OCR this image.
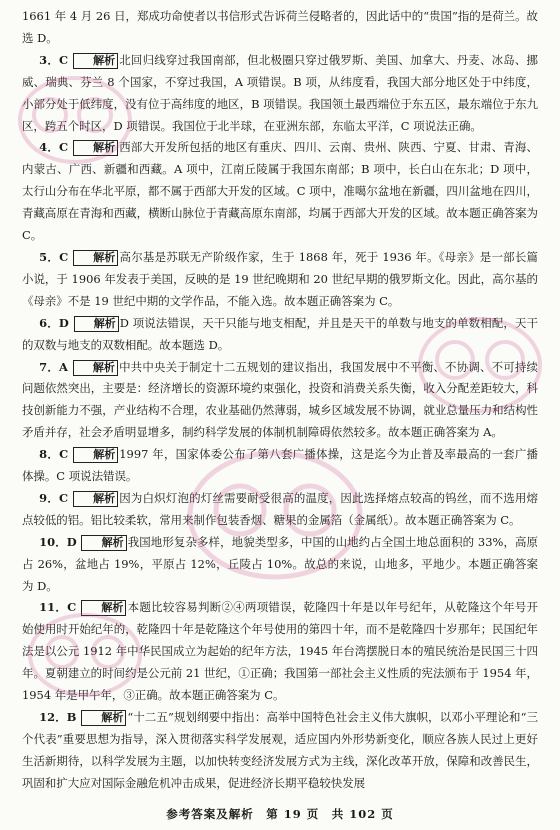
1661 年 4 月 26 日，郑成功命使者以书信形式告诉荷兰侵略者的，因此话中的“贵国”指的是荷兰。故选 D。

3．C 解析 北回归线穿过我国南部，但北极圈只穿过俄罗斯、美国、加拿大、丹麦、冰岛、挪威、瑞典、芬兰 8 个国家，不穿过我国，A 项错误。B 项，从纬度看，我国大部分地区处于中纬度，小部分处于低纬度，没有位于高纬度的地区，B 项错误。我国领土最西端位于东五区，最东端位于东九区，跨五个时区，D 项错误。我国位于北半球，在亚洲东部，东临太平洋，C 项说法正确。

4．C 解析 西部大开发所包括的地区有重庆、四川、云南、贵州、陕西、宁夏、甘肃、青海、内蒙古、广西、新疆和西藏。A 项中，江南丘陵属于我国东南部；B 项中，长白山在东北；D 项中，太行山分布在华北平原，都不属于西部大开发的区域。C 项中，准噶尔盆地在新疆，四川盆地在四川，青藏高原在青海和西藏，横断山脉位于青藏高原东南部，均属于西部大开发的区域。故本题正确答案为 C。

5．C 解析 高尔基是苏联无产阶级作家，生于 1868 年，死于 1936 年。《母亲》是一部长篇小说，于 1906 年发表于美国，反映的是 19 世纪晚期和 20 世纪早期的俄罗斯文化。因此，高尔基的《母亲》不是 19 世纪中期的文学作品，不能入选。故本题正确答案为 C。

6．D 解析 D 项说法错误，天干只能与地支相配，并且是天干的单数与地支的单数相配，天干的双数与地支的双数相配。故本题选 D。

7．A 解析 中共中央关于制定十二五规划的建议指出，我国发展中不平衡、不协调、不可持续问题依然突出，主要是：经济增长的资源环境约束强化，投资和消费关系失衡，收入分配差距较大，科技创新能力不强，产业结构不合理，农业基础仍然薄弱，城乡区域发展不协调，就业总量压力和结构性矛盾并存，社会矛盾明显增多，制约科学发展的体制机制障碍依然较多。故本题正确答案为 A。

8．C 解析 1997 年，国家体委公布了第八套广播体操，这是迄今为止普及率最高的一套广播体操。C 项说法错误。

9．C 解析 因为白炽灯泡的灯丝需要耐受很高的温度，因此选择熔点较高的钨丝，而不选用熔点较低的铝。铝比较柔软，常用来制作包装香烟、糖果的金属箔（金属纸）。故本题正确答案为 C。

10．D 解析 我国地形复杂多样，地貌类型多，中国的山地约占全国土地总面积的 33%，高原占 26%，盆地占 19%，平原占 12%，丘陵占 10%。故总的来说，山地多，平地少。本题正确答案为 D。

11．C 解析 本题比较容易判断②④两项错误，乾隆四十年是以年号纪年，从乾隆这个年号开始使用时开始纪年的，乾隆四十年是乾隆这个年号使用的第四十年，而不是乾隆四十岁那年；民国纪年法是以公元 1912 年中华民国成立为起始的纪年方法，1945 年台湾摆脱日本的殖民统治是民国三十四年。夏朝建立的时间约是公元前 21 世纪，①正确；我国第一部社会主义性质的宪法颁布于 1954 年，1954 年是甲午年，③正确。故本题正确答案为 C。

12．B 解析 “十二五”规划纲要中指出：高举中国特色社会主义伟大旗帜，以邓小平理论和“三个代表”重要思想为指导，深入贯彻落实科学发展观，适应国内外形势新变化，顺应各族人民过上更好生活新期待，以科学发展为主题，以加快转变经济发展方式为主线，深化改革开放，保障和改善民生，巩固和扩大应对国际金融危机冲击成果，促进经济长期平稳较快发展

参考答案及解析　第 19 页　共 102 页
